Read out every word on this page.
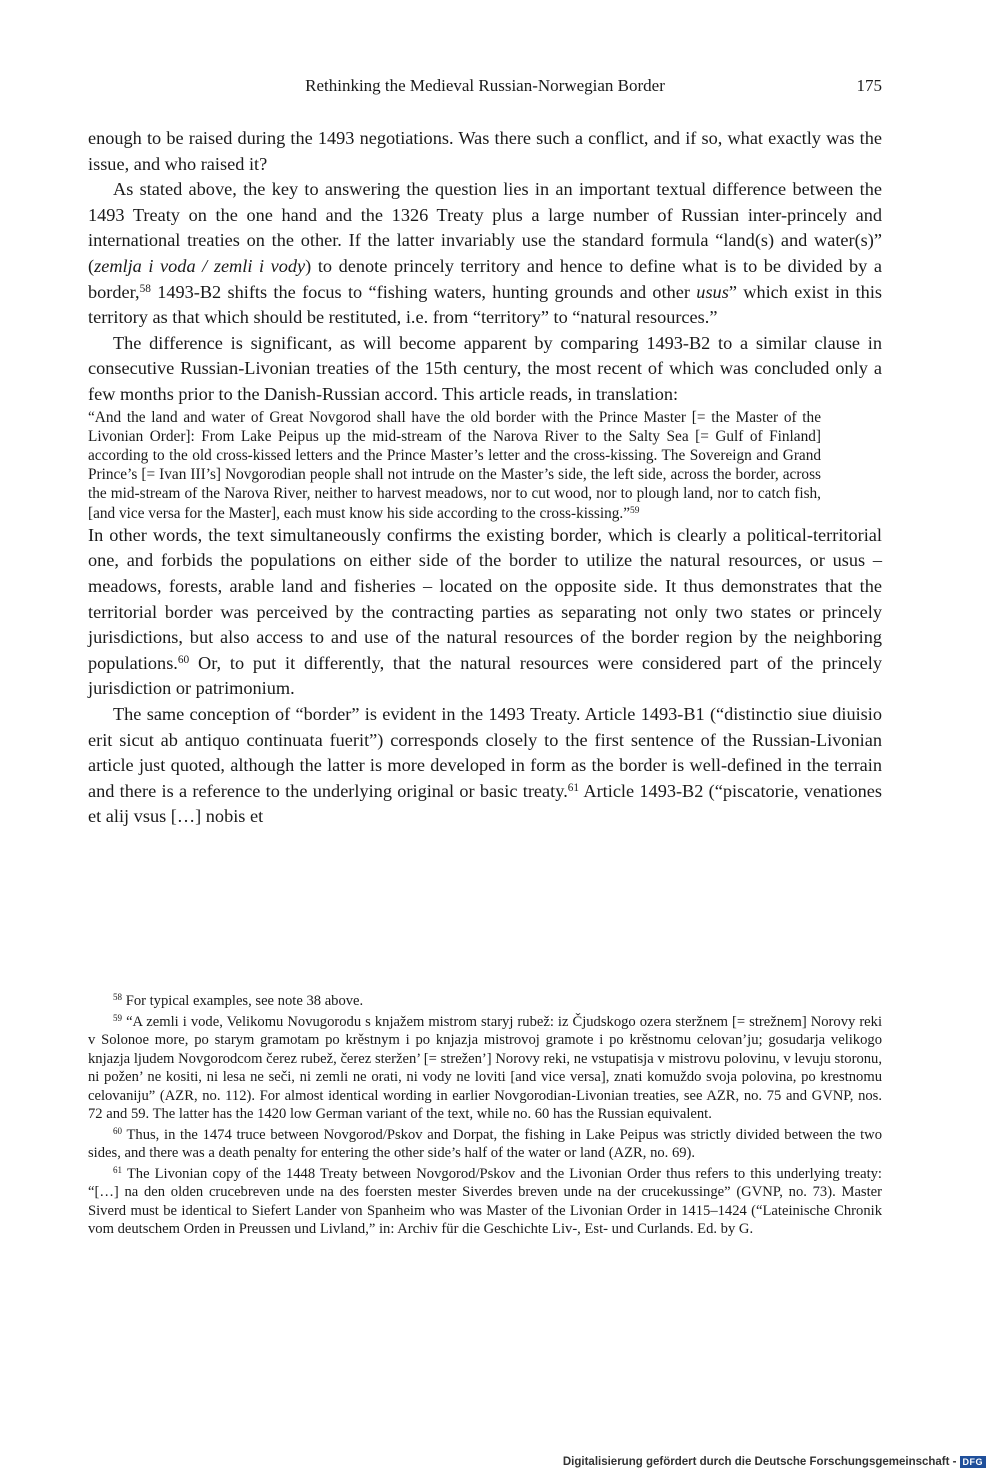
Rethinking the Medieval Russian-Norwegian Border	175

enough to be raised during the 1493 negotiations. Was there such a conflict, and if so, what exactly was the issue, and who raised it?

As stated above, the key to answering the question lies in an important textual difference between the 1493 Treaty on the one hand and the 1326 Treaty plus a large number of Russian inter-princely and international treaties on the other. If the latter invariably use the standard formula “land(s) and water(s)” (zemlja i voda / zemli i vody) to denote princely territory and hence to define what is to be divided by a border,$^{58}$ 1493-B2 shifts the focus to “fishing waters, hunting grounds and other usus” which exist in this territory as that which should be restituted, i.e. from “territory” to “natural resources.”

The difference is significant, as will become apparent by comparing 1493-B2 to a similar clause in consecutive Russian-Livonian treaties of the 15th century, the most recent of which was concluded only a few months prior to the Danish-Russian accord. This article reads, in translation:

“And the land and water of Great Novgorod shall have the old border with the Prince Master [= the Master of the Livonian Order]: From Lake Peipus up the mid-stream of the Narova River to the Salty Sea [= Gulf of Finland] according to the old cross-kissed letters and the Prince Master’s letter and the cross-kissing. The Sovereign and Grand Prince’s [= Ivan III’s] Novgorodian people shall not intrude on the Master’s side, the left side, across the border, across the mid-stream of the Narova River, neither to harvest meadows, nor to cut wood, nor to plough land, nor to catch fish, [and vice versa for the Master], each must know his side according to the cross-kissing.”$^{59}$

In other words, the text simultaneously confirms the existing border, which is clearly a political-territorial one, and forbids the populations on either side of the border to utilize the natural resources, or usus – meadows, forests, arable land and fisheries – located on the opposite side. It thus demonstrates that the territorial border was perceived by the contracting parties as separating not only two states or princely jurisdictions, but also access to and use of the natural resources of the border region by the neighboring populations.$^{60}$ Or, to put it differently, that the natural resources were considered part of the princely jurisdiction or patrimonium.

The same conception of “border” is evident in the 1493 Treaty. Article 1493-B1 (“distinctio siue diuisio erit sicut ab antiquo continuata fuerit”) corresponds closely to the first sentence of the Russian-Livonian article just quoted, although the latter is more developed in form as the border is well-defined in the terrain and there is a reference to the underlying original or basic treaty.$^{61}$ Article 1493-B2 (“piscatorie, venationes et alij vsus […] nobis et

$^{58}$ For typical examples, see note 38 above.

$^{59}$ “A zemli i vode, Velikomu Novugorodu s knjažem mistrom staryj rubež: iz Čjudskogo ozera steržnem [= strežnem] Norovy reki v Solonoe more, po starym gramotam po krěstnym i po knjazja mistrovoj gramote i po krěstnomu celovan’ju; gosudarja velikogo knjazja ljudem Novgorodcom čerez rubež, čerez steržen’ [= strežen’] Norovy reki, ne vstupatisja v mistrovu polovinu, v levuju storonu, ni požen’ ne kositi, ni lesa ne seči, ni zemli ne orati, ni vody ne loviti [and vice versa], znati komuždo svoja polovina, po krestnomu celovaniju” (AZR, no. 112). For almost identical wording in earlier Novgorodian-Livonian treaties, see AZR, no. 75 and GVNP, nos. 72 and 59. The latter has the 1420 low German variant of the text, while no. 60 has the Russian equivalent.

$^{60}$ Thus, in the 1474 truce between Novgorod/Pskov and Dorpat, the fishing in Lake Peipus was strictly divided between the two sides, and there was a death penalty for entering the other side’s half of the water or land (AZR, no. 69).

$^{61}$ The Livonian copy of the 1448 Treaty between Novgorod/Pskov and the Livonian Order thus refers to this underlying treaty: “[…] na den olden crucebreven unde na des foersten mester Siverdes breven unde na der crucekussinge” (GVNP, no. 73). Master Siverd must be identical to Siefert Lander von Spanheim who was Master of the Livonian Order in 1415–1424 (“Lateinische Chronik vom deutschem Orden in Preussen und Livland,” in: Archiv für die Geschichte Liv-, Est- und Curlands. Ed. by G.

Digitalisierung gefördert durch die Deutsche Forschungsgemeinschaft - DFG
